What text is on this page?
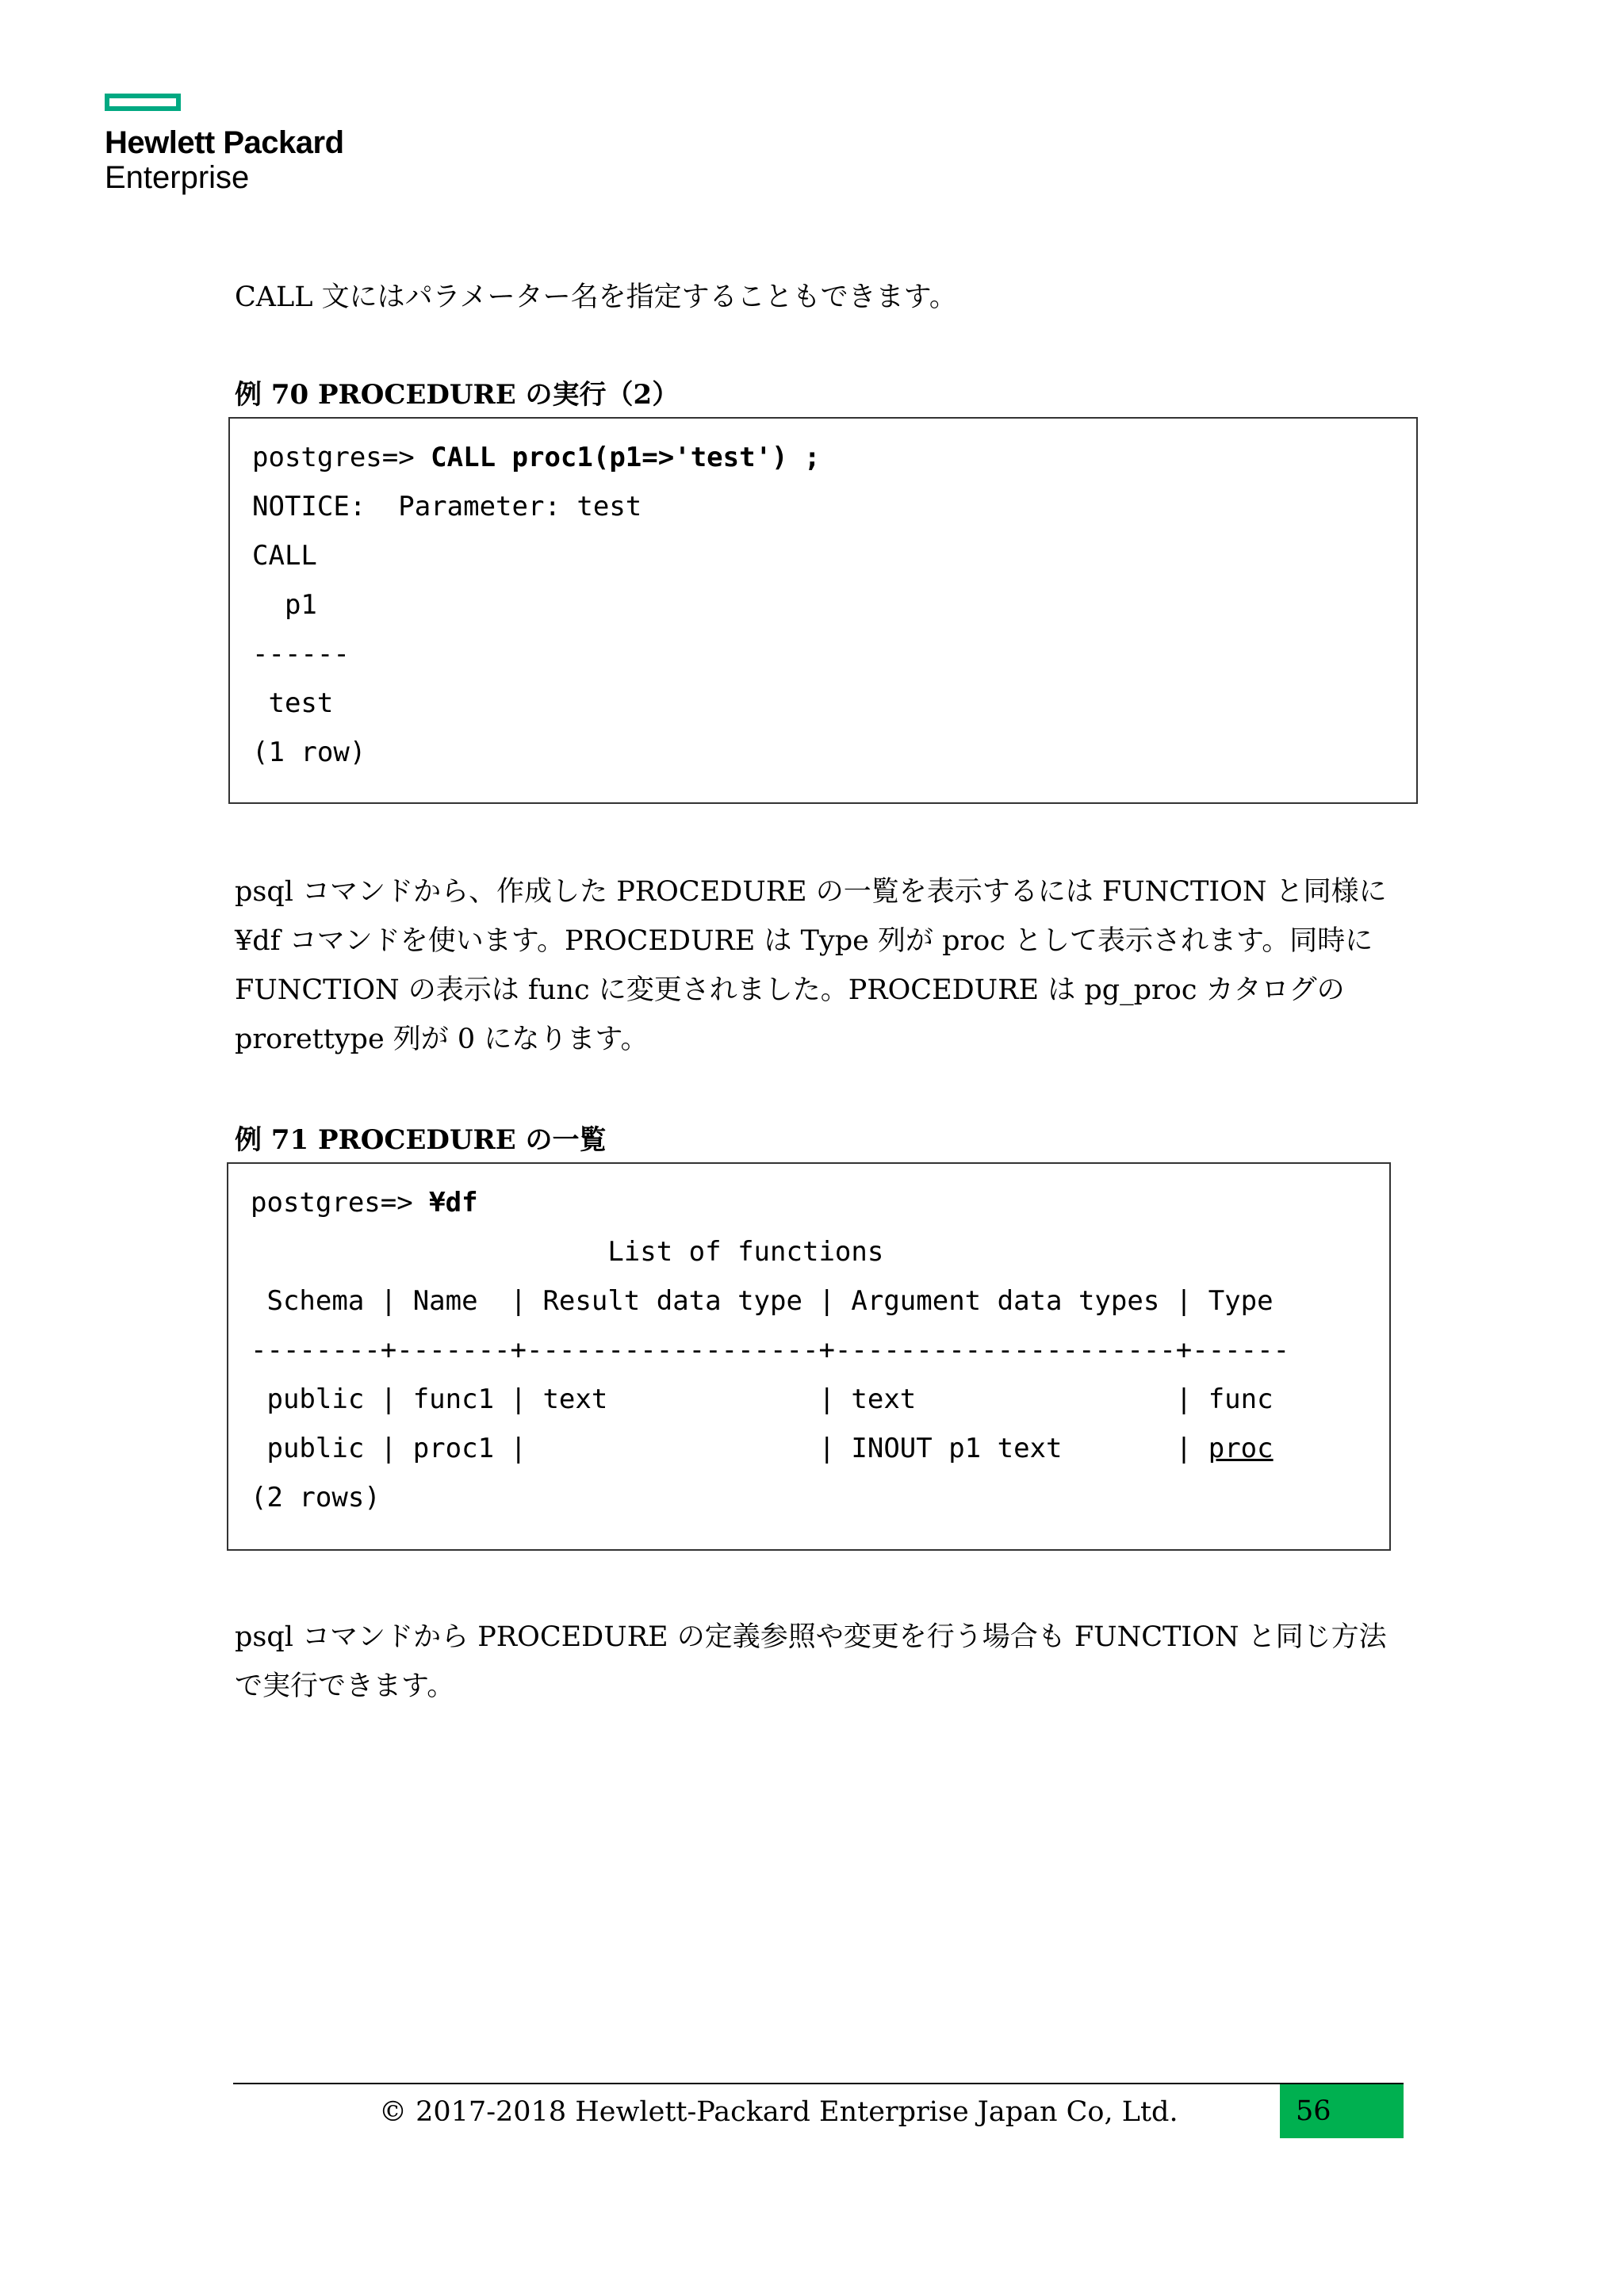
Hewlett Packard
Enterprise

CALL 文にはパラメーター名を指定することもできます。

例 70 PROCEDURE の実行（2）

postgres=> CALL proc1(p1=>'test') ;
NOTICE:  Parameter: test
CALL
p1
------
test
(1 row)

psql コマンドから、作成した PROCEDURE の一覧を表示するには FUNCTION と同様に¥df コマンドを使います。PROCEDURE は Type 列が proc として表示されます。同時に FUNCTION の表示は func に変更されました。PROCEDURE は pg_proc カタログの prorettype 列が 0 になります。

例 71 PROCEDURE の一覧

postgres=> ¥df
List of functions
Schema | Name  | Result data type | Argument data types | Type
--------+-------+------------------+---------------------+------
public | func1 | text             | text                | func
public | proc1 |                  | INOUT p1 text       | proc
(2 rows)

psql コマンドから PROCEDURE の定義参照や変更を行う場合も FUNCTION と同じ方法で実行できます。

© 2017-2018 Hewlett-Packard Enterprise Japan Co, Ltd.	56
